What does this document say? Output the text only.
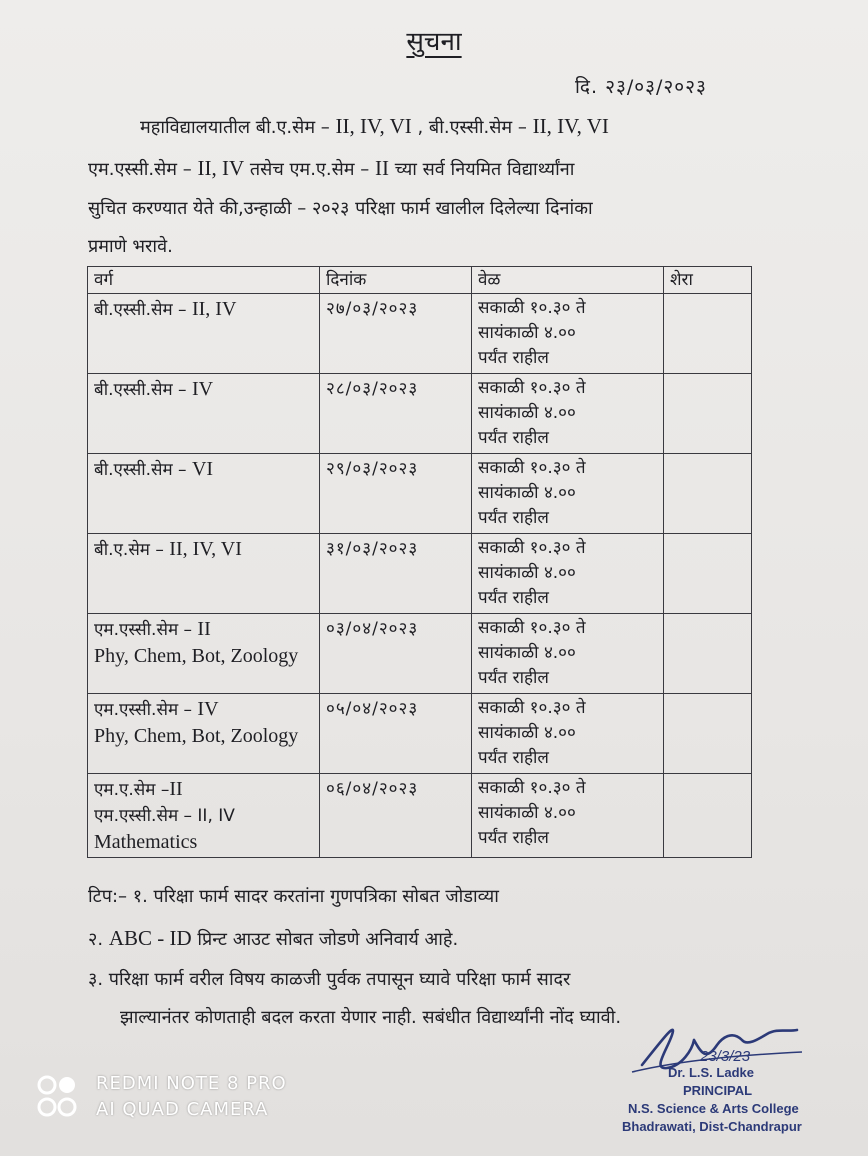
सुचना
दि. २३/०३/२०२३
महाविद्यालयातील बी.ए.सेम – II, IV, VI , बी.एस्सी.सेम – II, IV, VI
एम.एस्सी.सेम – II, IV तसेच एम.ए.सेम – II च्या सर्व नियमित विद्यार्थ्यांना
सुचित करण्यात येते की,उन्हाळी – २०२३ परिक्षा फार्म खालील दिलेल्या दिनांका
प्रमाणे भरावे.
वर्ग	दिनांक	वेळ	शेरा

बी.एस्सी.सेम – II, IV	२७/०३/२०२३	सकाळी १०.३० ते
सायंकाळी ४.००
पर्यंत राहील	

बी.एस्सी.सेम – IV	२८/०३/२०२३	सकाळी १०.३० ते
सायंकाळी ४.००
पर्यंत राहील	

बी.एस्सी.सेम – VI	२९/०३/२०२३	सकाळी १०.३० ते
सायंकाळी ४.००
पर्यंत राहील	

बी.ए.सेम – II, IV, VI	३१/०३/२०२३	सकाळी १०.३० ते
सायंकाळी ४.००
पर्यंत राहील	

एम.एस्सी.सेम – II
Phy, Chem, Bot, Zoology	०३/०४/२०२३	सकाळी १०.३० ते
सायंकाळी ४.००
पर्यंत राहील	

एम.एस्सी.सेम – IV
Phy, Chem, Bot, Zoology	०५/०४/२०२३	सकाळी १०.३० ते
सायंकाळी ४.००
पर्यंत राहील	

एम.ए.सेम –II
एम.एस्सी.सेम – II, IV
Mathematics	०६/०४/२०२३	सकाळी १०.३० ते
सायंकाळी ४.००
पर्यंत राहील	

टिप:– १. परिक्षा फार्म सादर करतांना गुणपत्रिका सोबत जोडाव्या
२. ABC - ID प्रिन्ट आउट सोबत जोडणे अनिवार्य आहे.
३. परिक्षा फार्म वरील विषय काळजी पुर्वक तपासून घ्यावे परिक्षा फार्म सादर
झाल्यानंतर कोणताही बदल करता येणार नाही. सबंधीत विद्यार्थ्यांनी नोंद घ्यावी.
23/3/23
Dr. L.S. Ladke
PRINCIPAL
N.S. Science & Arts College
Bhadrawati, Dist-Chandrapur
REDMI NOTE 8 PRO
AI QUAD CAMERA
